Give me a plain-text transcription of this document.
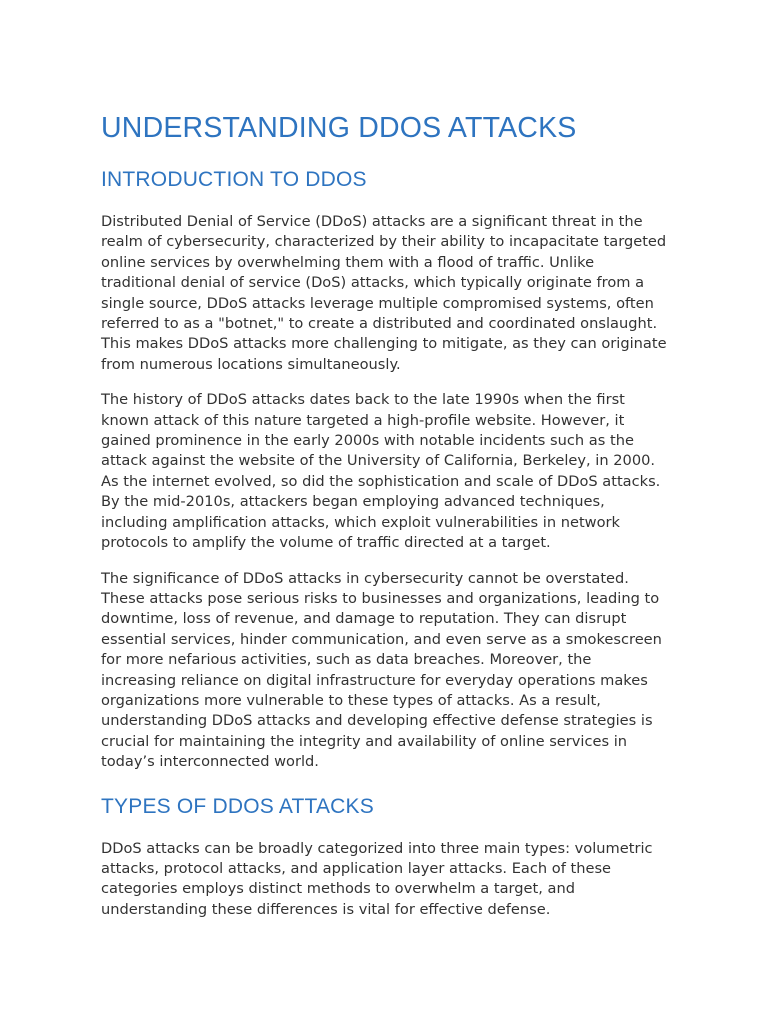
UNDERSTANDING DDOS ATTACKS
INTRODUCTION TO DDOS

Distributed Denial of Service (DDoS) attacks are a significant threat in the realm of cybersecurity, characterized by their ability to incapacitate targeted online services by overwhelming them with a flood of traffic. Unlike traditional denial of service (DoS) attacks, which typically originate from a single source, DDoS attacks leverage multiple compromised systems, often referred to as a "botnet," to create a distributed and coordinated onslaught. This makes DDoS attacks more challenging to mitigate, as they can originate from numerous locations simultaneously.

The history of DDoS attacks dates back to the late 1990s when the first known attack of this nature targeted a high-profile website. However, it gained prominence in the early 2000s with notable incidents such as the attack against the website of the University of California, Berkeley, in 2000. As the internet evolved, so did the sophistication and scale of DDoS attacks. By the mid-2010s, attackers began employing advanced techniques, including amplification attacks, which exploit vulnerabilities in network protocols to amplify the volume of traffic directed at a target.

The significance of DDoS attacks in cybersecurity cannot be overstated. These attacks pose serious risks to businesses and organizations, leading to downtime, loss of revenue, and damage to reputation. They can disrupt essential services, hinder communication, and even serve as a smokescreen for more nefarious activities, such as data breaches. Moreover, the increasing reliance on digital infrastructure for everyday operations makes organizations more vulnerable to these types of attacks. As a result, understanding DDoS attacks and developing effective defense strategies is crucial for maintaining the integrity and availability of online services in today’s interconnected world.

TYPES OF DDOS ATTACKS

DDoS attacks can be broadly categorized into three main types: volumetric attacks, protocol attacks, and application layer attacks. Each of these categories employs distinct methods to overwhelm a target, and understanding these differences is vital for effective defense.
